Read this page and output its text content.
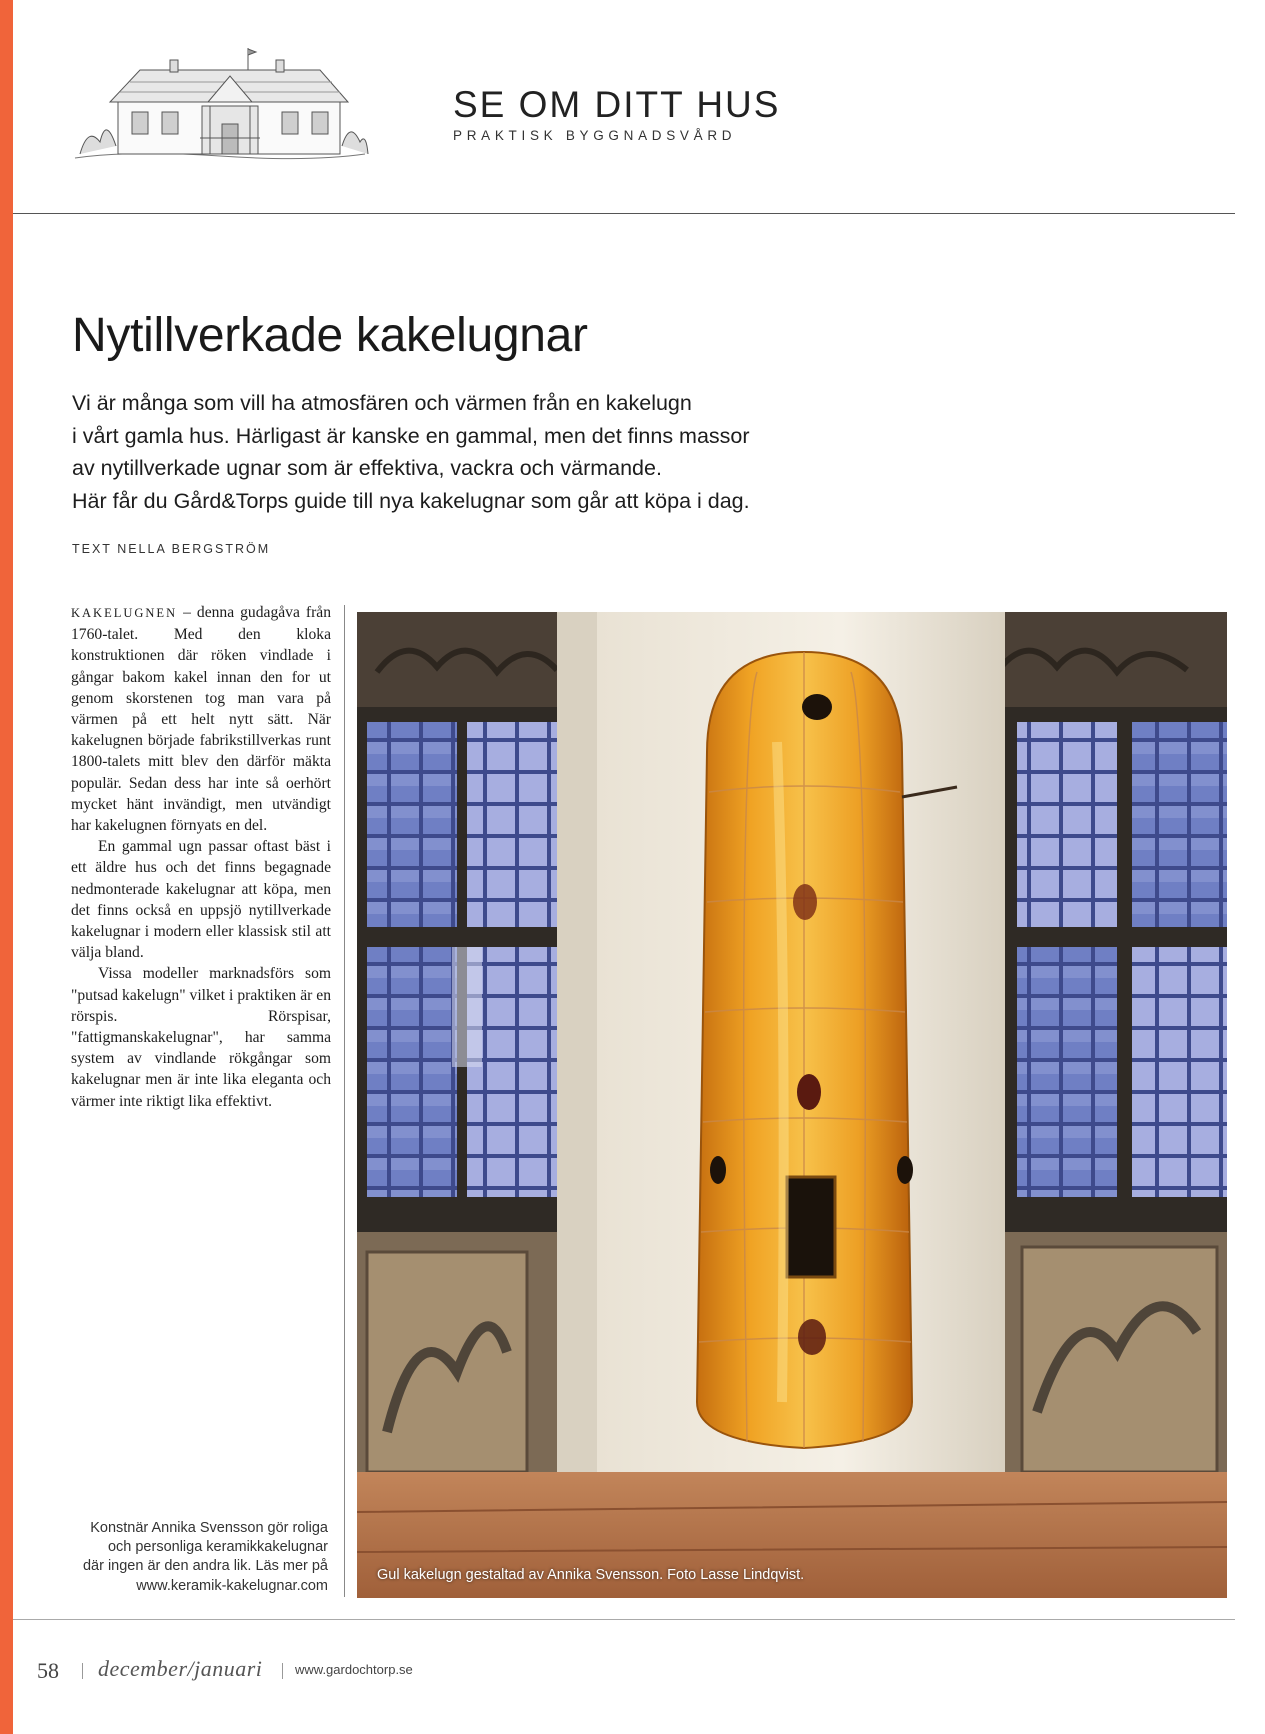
SE OM DITT HUS
PRAKTISK BYGGNADSVÅRD
Nytillverkade kakelugnar
Vi är många som vill ha atmosfären och värmen från en kakelugn
i vårt gamla hus. Härligast är kanske en gammal, men det finns massor
av nytillverkade ugnar som är effektiva, vackra och värmande.
Här får du Gård&Torps guide till nya kakelugnar som går att köpa i dag.
TEXT NELLA BERGSTRÖM

KAKELUGNEN – denna gudagåva från 1760-talet. Med den kloka konstruktionen där röken vindlade i gångar bakom kakel innan den for ut genom skorstenen tog man vara på värmen på ett helt nytt sätt. När kakelugnen började fabrikstillverkas runt 1800-talets mitt blev den därför mäkta populär. Sedan dess har inte så oerhört mycket hänt invändigt, men utvändigt har kakelugnen förnyats en del.

En gammal ugn passar oftast bäst i ett äldre hus och det finns begagnade nedmonterade kakelugnar att köpa, men det finns också en uppsjö nytillverkade kakelugnar i modern eller klassisk stil att välja bland.

Vissa modeller marknadsförs som "putsad kakelugn" vilket i praktiken är en rörspis. Rörspisar, "fattigmanskakelugnar", har samma system av vindlande rökgångar som kakelugnar men är inte lika eleganta och värmer inte riktigt lika effektivt.

Konstnär Annika Svensson gör roliga
och personliga keramikkakelugnar
där ingen är den andra lik. Läs mer på
www.keramik-kakelugnar.com
Gul kakelugn gestaltad av Annika Svensson. Foto Lasse Lindqvist.
58 december/januari	www.gardochtorp.se
